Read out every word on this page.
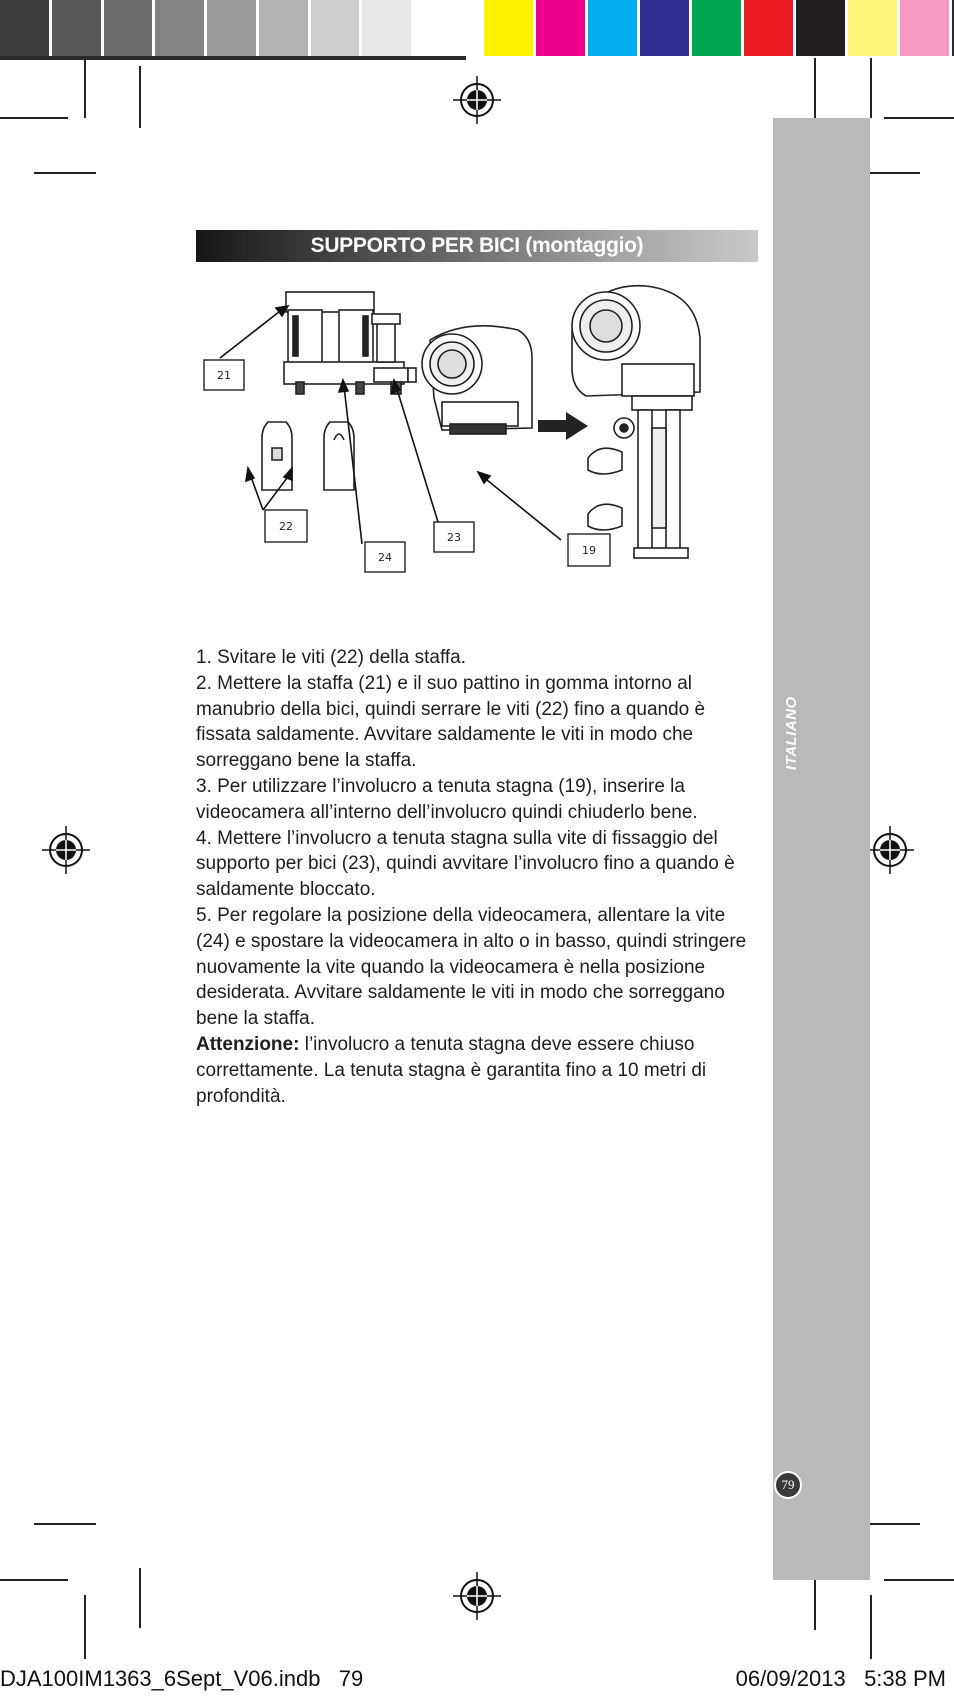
ITALIANO
79
SUPPORTO PER BICI (montaggio)
21
22
24
23
19

1. Svitare le viti (22) della staffa.

2. Mettere la staffa (21) e il suo pattino in gomma intorno al manubrio della bici, quindi serrare le viti (22) fino a quando è fissata saldamente. Avvitare saldamente le viti in modo che sorreggano bene la staffa.

3. Per utilizzare l’involucro a tenuta stagna (19), inserire la videocamera all’interno dell’involucro quindi chiuderlo bene.

4. Mettere l’involucro a tenuta stagna sulla vite di fissaggio del supporto per bici (23), quindi avvitare l’involucro fino a quando è saldamente bloccato.

5. Per regolare la posizione della videocamera, allentare la vite (24) e spostare la videocamera in alto o in basso, quindi stringere nuovamente la vite quando la videocamera è nella posizione desiderata. Avvitare saldamente le viti in modo che sorreggano bene la staffa.

Attenzione: l’involucro a tenuta stagna deve essere chiuso correttamente. La tenuta stagna è garantita fino a 10 metri di profondità.

DJA100IM1363_6Sept_V06.indb   79	06/09/2013   5:38 PM
